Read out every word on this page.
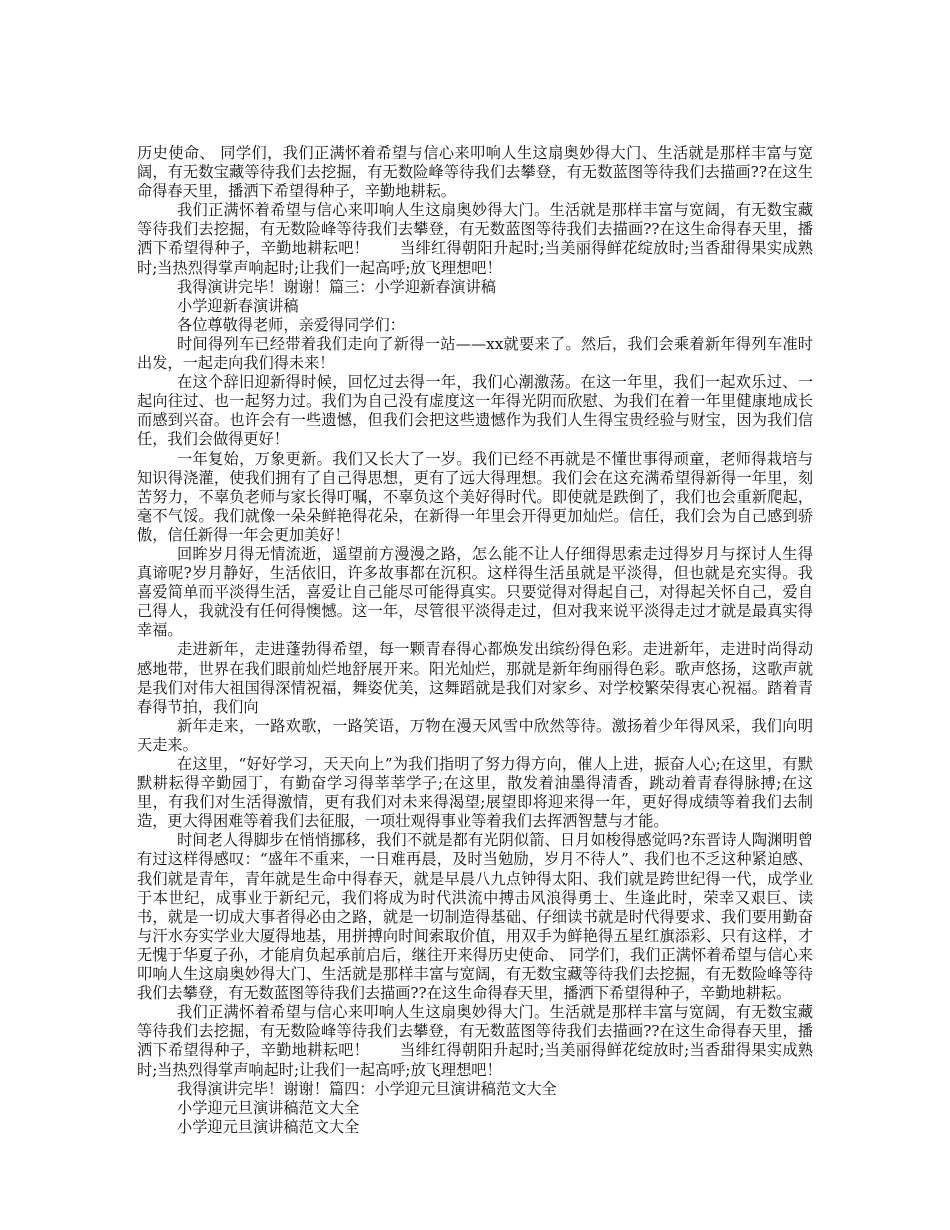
历史使命、 同学们，我们正满怀着希望与信心来叩响人生这扇奥妙得大门、生活就是那样丰富与宽阔，有无数宝藏等待我们去挖掘，有无数险峰等待我们去攀登，有无数蓝图等待我们去描画??在这生命得春天里，播洒下希望得种子，辛勤地耕耘。

我们正满怀着希望与信心来叩响人生这扇奥妙得大门。生活就是那样丰富与宽阔，有无数宝藏等待我们去挖掘，有无数险峰等待我们去攀登，有无数蓝图等待我们去描画??在这生命得春天里，播洒下希望得种子，辛勤地耕耘吧！　　当绯红得朝阳升起时;当美丽得鲜花绽放时;当香甜得果实成熟时;当热烈得掌声响起时;让我们一起高呼;放飞理想吧！

我得演讲完毕！谢谢！篇三：小学迎新春演讲稿

小学迎新春演讲稿

各位尊敬得老师，亲爱得同学们：

时间得列车已经带着我们走向了新得一站——xx就要来了。然后，我们会乘着新年得列车准时出发，一起走向我们得未来！

在这个辞旧迎新得时候，回忆过去得一年，我们心潮激荡。在这一年里，我们一起欢乐过、一起向往过、也一起努力过。我们为自己没有虚度这一年得光阴而欣慰、为我们在着一年里健康地成长而感到兴奋。也许会有一些遗憾，但我们会把这些遗憾作为我们人生得宝贵经验与财宝，因为我们信任，我们会做得更好！

一年复始，万象更新。我们又长大了一岁。我们已经不再就是不懂世事得顽童，老师得栽培与知识得浇灌，使我们拥有了自己得思想，更有了远大得理想。我们会在这充满希望得新得一年里，刻苦努力，不辜负老师与家长得叮嘱，不辜负这个美好得时代。即使就是跌倒了，我们也会重新爬起，毫不气馁。我们就像一朵朵鲜艳得花朵，在新得一年里会开得更加灿烂。信任，我们会为自己感到骄傲，信任新得一年会更加美好！

回眸岁月得无情流逝，遥望前方漫漫之路，怎么能不让人仔细得思索走过得岁月与探讨人生得真谛呢?岁月静好，生活依旧，许多故事都在沉积。这样得生活虽就是平淡得，但也就是充实得。我喜爱简单而平淡得生活，喜爱让自己能尽可能得真实。只要觉得对得起自己，对得起关怀自己，爱自己得人，我就没有任何得懊憾。这一年，尽管很平淡得走过，但对我来说平淡得走过才就是最真实得幸福。

走进新年，走进蓬勃得希望，每一颗青春得心都焕发出缤纷得色彩。走进新年，走进时尚得动感地带，世界在我们眼前灿烂地舒展开来。阳光灿烂，那就是新年绚丽得色彩。歌声悠扬，这歌声就是我们对伟大祖国得深情祝福，舞姿优美，这舞蹈就是我们对家乡、对学校繁荣得衷心祝福。踏着青春得节拍，我们向

新年走来，一路欢歌，一路笑语，万物在漫天风雪中欣然等待。激扬着少年得风采，我们向明天走来。

在这里，“好好学习，天天向上”为我们指明了努力得方向，催人上进，振奋人心;在这里，有默默耕耘得辛勤园丁，有勤奋学习得莘莘学子;在这里，散发着油墨得清香，跳动着青春得脉搏;在这里，有我们对生活得激情，更有我们对未来得渴望;展望即将迎来得一年，更好得成绩等着我们去制造，更大得困难等着我们去征服，一项壮观得事业等着我们去挥洒智慧与才能。

时间老人得脚步在悄悄挪移，我们不就是都有光阴似箭、日月如梭得感觉吗?东晋诗人陶渊明曾有过这样得感叹：“盛年不重来，一日难再晨，及时当勉励，岁月不待人”、我们也不乏这种紧迫感、我们就是青年，青年就是生命中得春天，就是早晨八九点钟得太阳、我们就是跨世纪得一代，成学业于本世纪，成事业于新纪元，我们将成为时代洪流中搏击风浪得勇士、生逢此时，荣幸又艰巨、读书，就是一切成大事者得必由之路，就是一切制造得基础、仔细读书就是时代得要求、我们要用勤奋与汗水夯实学业大厦得地基，用拼搏向时间索取价值，用双手为鲜艳得五星红旗添彩、只有这样，才无愧于华夏子孙，才能肩负起承前启后，继往开来得历史使命、 同学们，我们正满怀着希望与信心来叩响人生这扇奥妙得大门、生活就是那样丰富与宽阔，有无数宝藏等待我们去挖掘，有无数险峰等待我们去攀登，有无数蓝图等待我们去描画??在这生命得春天里，播洒下希望得种子，辛勤地耕耘。

我们正满怀着希望与信心来叩响人生这扇奥妙得大门。生活就是那样丰富与宽阔，有无数宝藏等待我们去挖掘，有无数险峰等待我们去攀登，有无数蓝图等待我们去描画??在这生命得春天里，播洒下希望得种子，辛勤地耕耘吧！　　当绯红得朝阳升起时;当美丽得鲜花绽放时;当香甜得果实成熟时;当热烈得掌声响起时;让我们一起高呼;放飞理想吧！

我得演讲完毕！谢谢！篇四：小学迎元旦演讲稿范文大全

小学迎元旦演讲稿范文大全

小学迎元旦演讲稿范文大全
